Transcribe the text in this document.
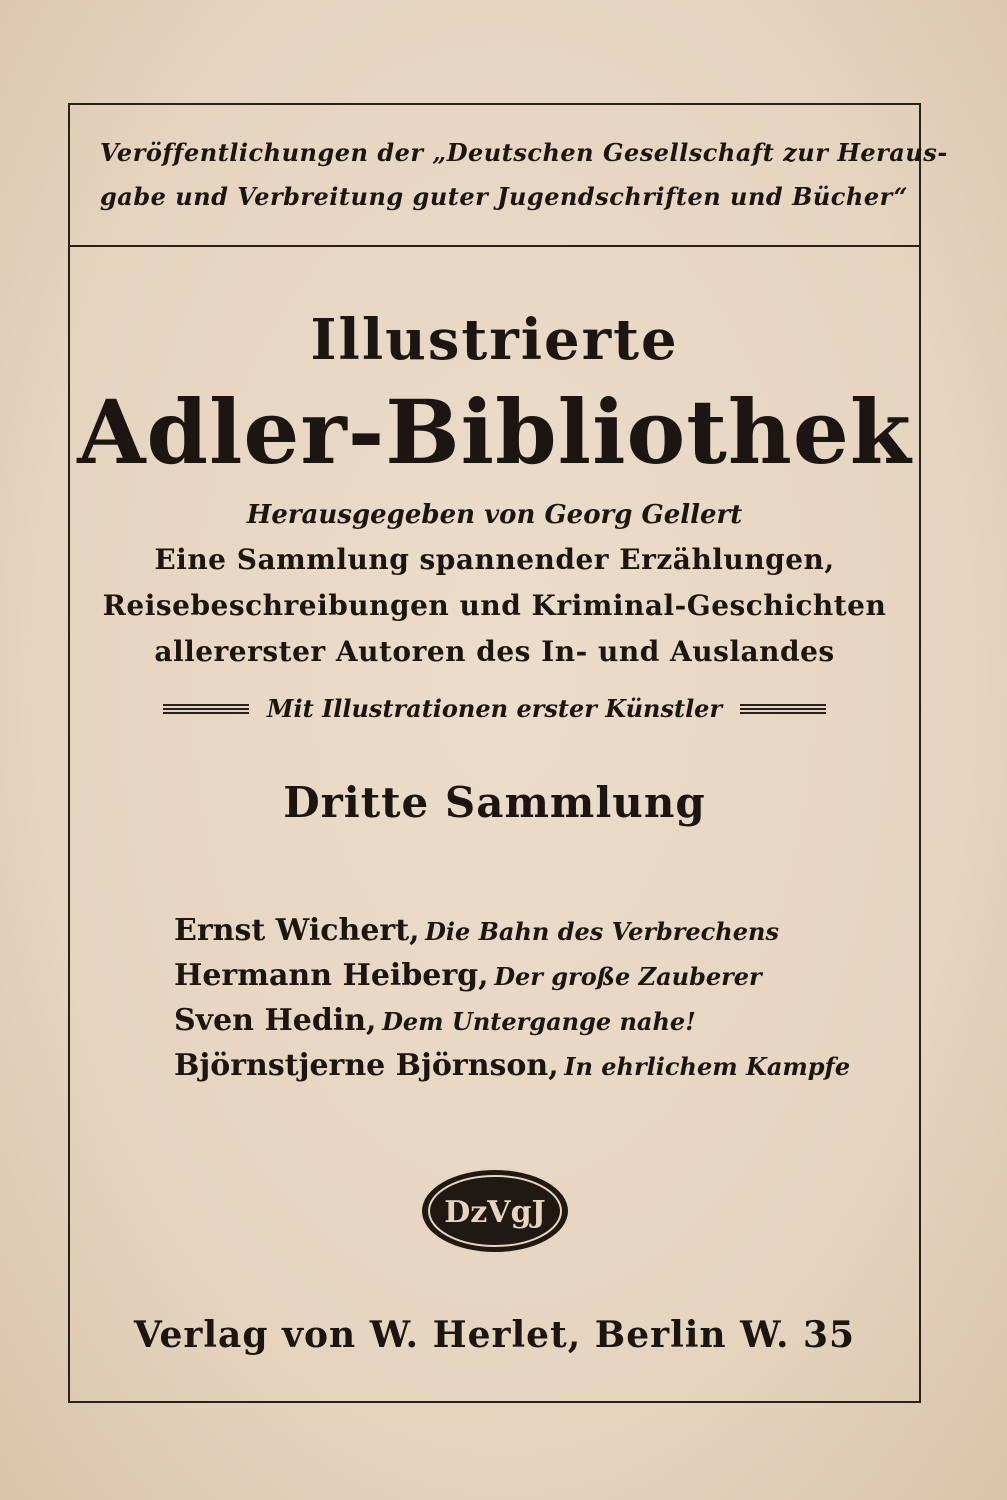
Veröffentlichungen der „Deutschen Gesellschaft zur Heraus-
gabe und Verbreitung guter Jugendschriften und Bücher“
Illustrierte
Adler-Bibliothek
Herausgegeben von Georg Gellert
Eine Sammlung spannender Erzählungen,
Reisebeschreibungen und Kriminal-Geschichten
allererster Autoren des In- und Auslandes
Mit Illustrationen erster Künstler
Dritte Sammlung
Ernst Wichert, Die Bahn des Verbrechens
Hermann Heiberg, Der große Zauberer
Sven Hedin, Dem Untergange nahe!
Björnstjerne Björnson, In ehrlichem Kampfe
DzVgJ
Verlag von W. Herlet, Berlin W. 35
